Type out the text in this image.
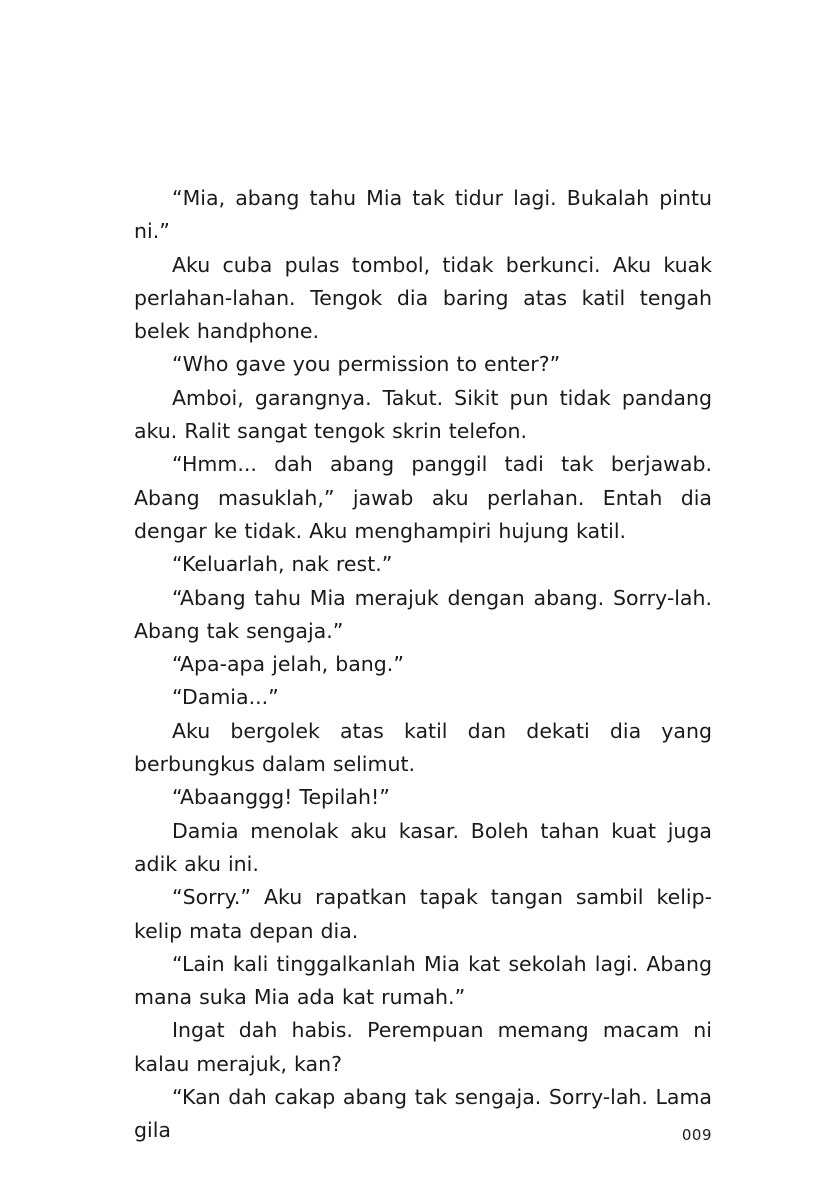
“Mia, abang tahu Mia tak tidur lagi. Bukalah pintu ni.”

Aku cuba pulas tombol, tidak berkunci. Aku kuak perlahan-lahan. Tengok dia baring atas katil tengah belek handphone.

“Who gave you permission to enter?”

Amboi, garangnya. Takut. Sikit pun tidak pandang aku. Ralit sangat tengok skrin telefon.

“Hmm... dah abang panggil tadi tak berjawab. Abang masuklah,” jawab aku perlahan. Entah dia dengar ke tidak. Aku menghampiri hujung katil.

“Keluarlah, nak rest.”

“Abang tahu Mia merajuk dengan abang. Sorry-lah. Abang tak sengaja.”

“Apa-apa jelah, bang.”

“Damia...”

Aku bergolek atas katil dan dekati dia yang berbungkus dalam selimut.

“Abaanggg! Tepilah!”

Damia menolak aku kasar. Boleh tahan kuat juga adik aku ini.

“Sorry.” Aku rapatkan tapak tangan sambil kelip-kelip mata depan dia.

“Lain kali tinggalkanlah Mia kat sekolah lagi. Abang mana suka Mia ada kat rumah.”

Ingat dah habis. Perempuan memang macam ni kalau merajuk, kan?

“Kan dah cakap abang tak sengaja. Sorry-lah. Lama gila	009
